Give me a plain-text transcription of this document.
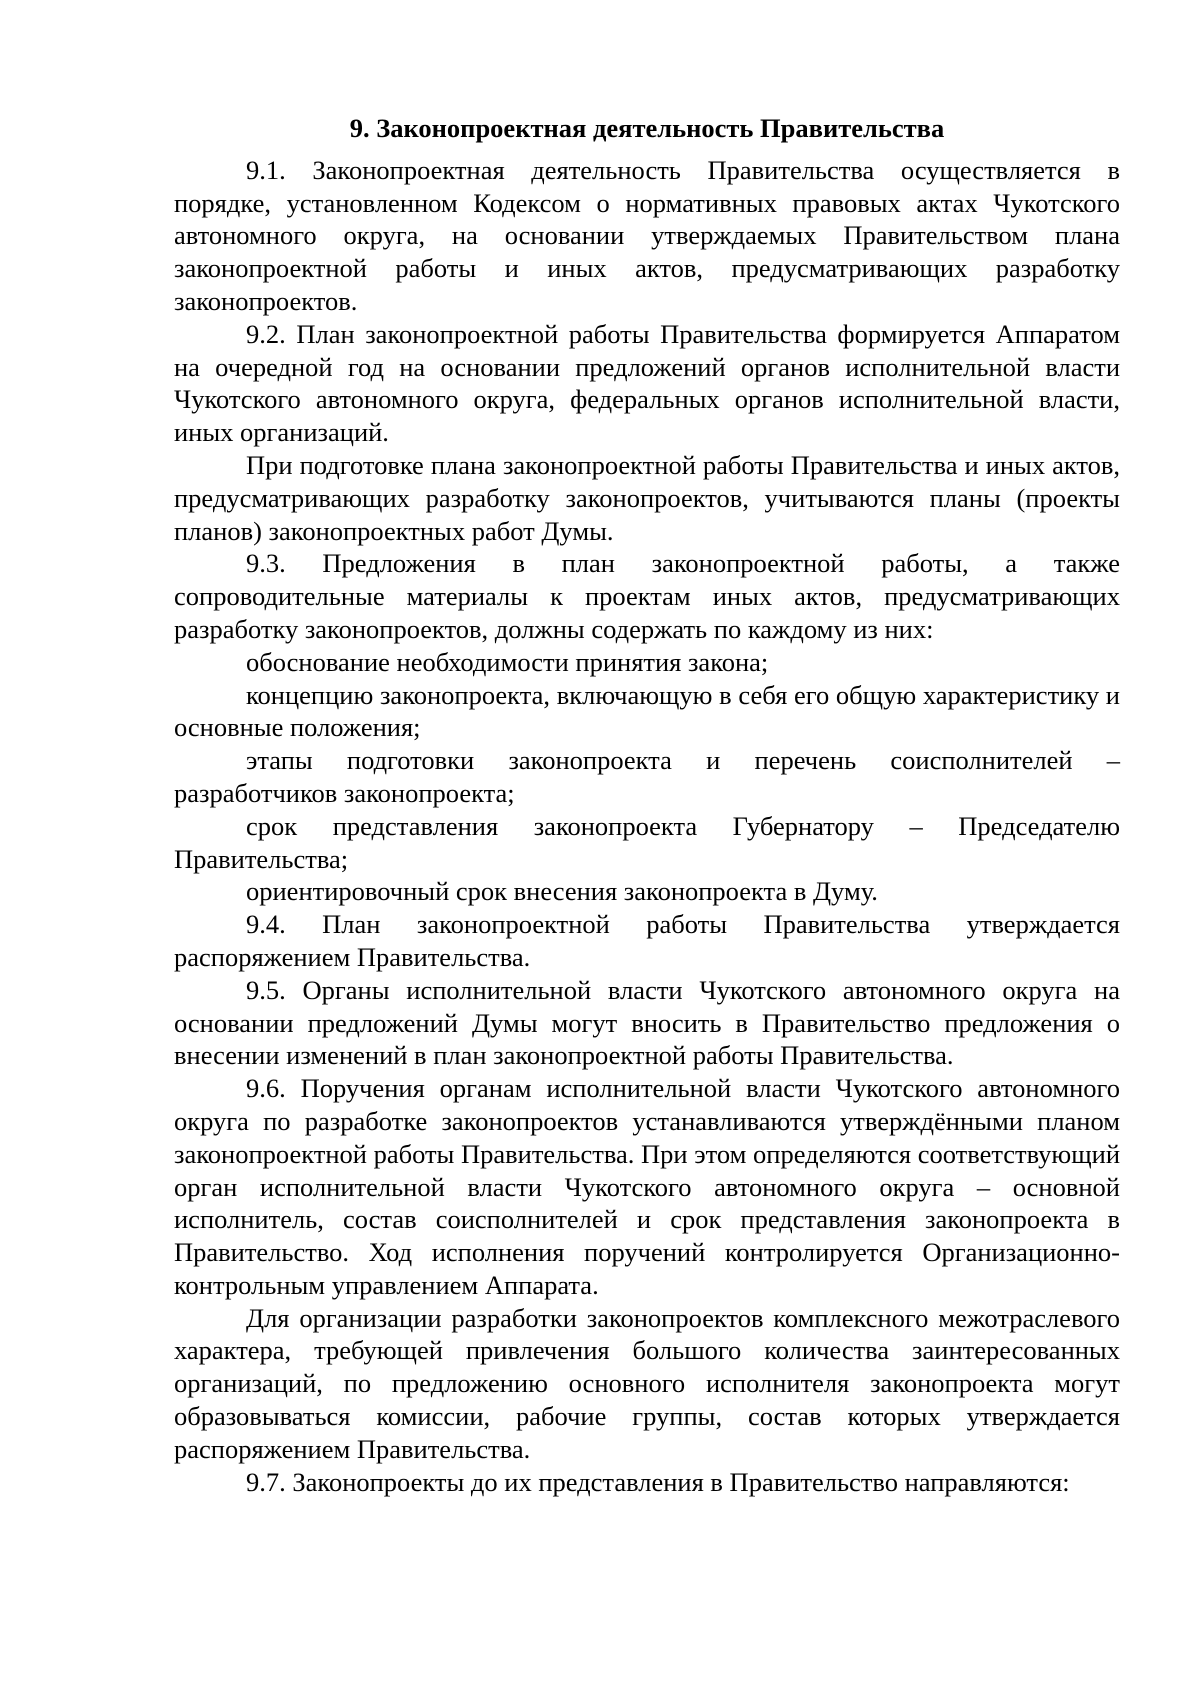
9. Законопроектная деятельность Правительства

9.1. Законопроектная деятельность Правительства осуществляется в порядке, установленном Кодексом о нормативных правовых актах Чукотского автономного округа, на основании утверждаемых Правительством плана законопроектной работы и иных актов, предусматривающих разработку законопроектов.

9.2. План законопроектной работы Правительства формируется Аппаратом на очередной год на основании предложений органов исполнительной власти Чукотского автономного округа, федеральных органов исполнительной власти, иных организаций.

При подготовке плана законопроектной работы Правительства и иных актов, предусматривающих разработку законопроектов, учитываются планы (проекты планов) законопроектных работ Думы.

9.3. Предложения в план законопроектной работы, а также сопроводительные материалы к проектам иных актов, предусматривающих разработку законопроектов, должны содержать по каждому из них:

обоснование необходимости принятия закона;

концепцию законопроекта, включающую в себя его общую характеристику и основные положения;

этапы подготовки законопроекта и перечень соисполнителей – разработчиков законопроекта;

срок представления законопроекта Губернатору – Председателю Правительства;

ориентировочный срок внесения законопроекта в Думу.

9.4. План законопроектной работы Правительства утверждается распоряжением Правительства.

9.5. Органы исполнительной власти Чукотского автономного округа на основании предложений Думы могут вносить в Правительство предложения о внесении изменений в план законопроектной работы Правительства.

9.6. Поручения органам исполнительной власти Чукотского автономного округа по разработке законопроектов устанавливаются утверждёнными планом законопроектной работы Правительства. При этом определяются соответствующий орган исполнительной власти Чукотского автономного округа – основной исполнитель, состав соисполнителей и срок представления законопроекта в Правительство. Ход исполнения поручений контролируется Организационно-контрольным управлением Аппарата.

Для организации разработки законопроектов комплексного межотраслевого характера, требующей привлечения большого количества заинтересованных организаций, по предложению основного исполнителя законопроекта могут образовываться комиссии, рабочие группы, состав которых утверждается распоряжением Правительства.

9.7. Законопроекты до их представления в Правительство направляются:
